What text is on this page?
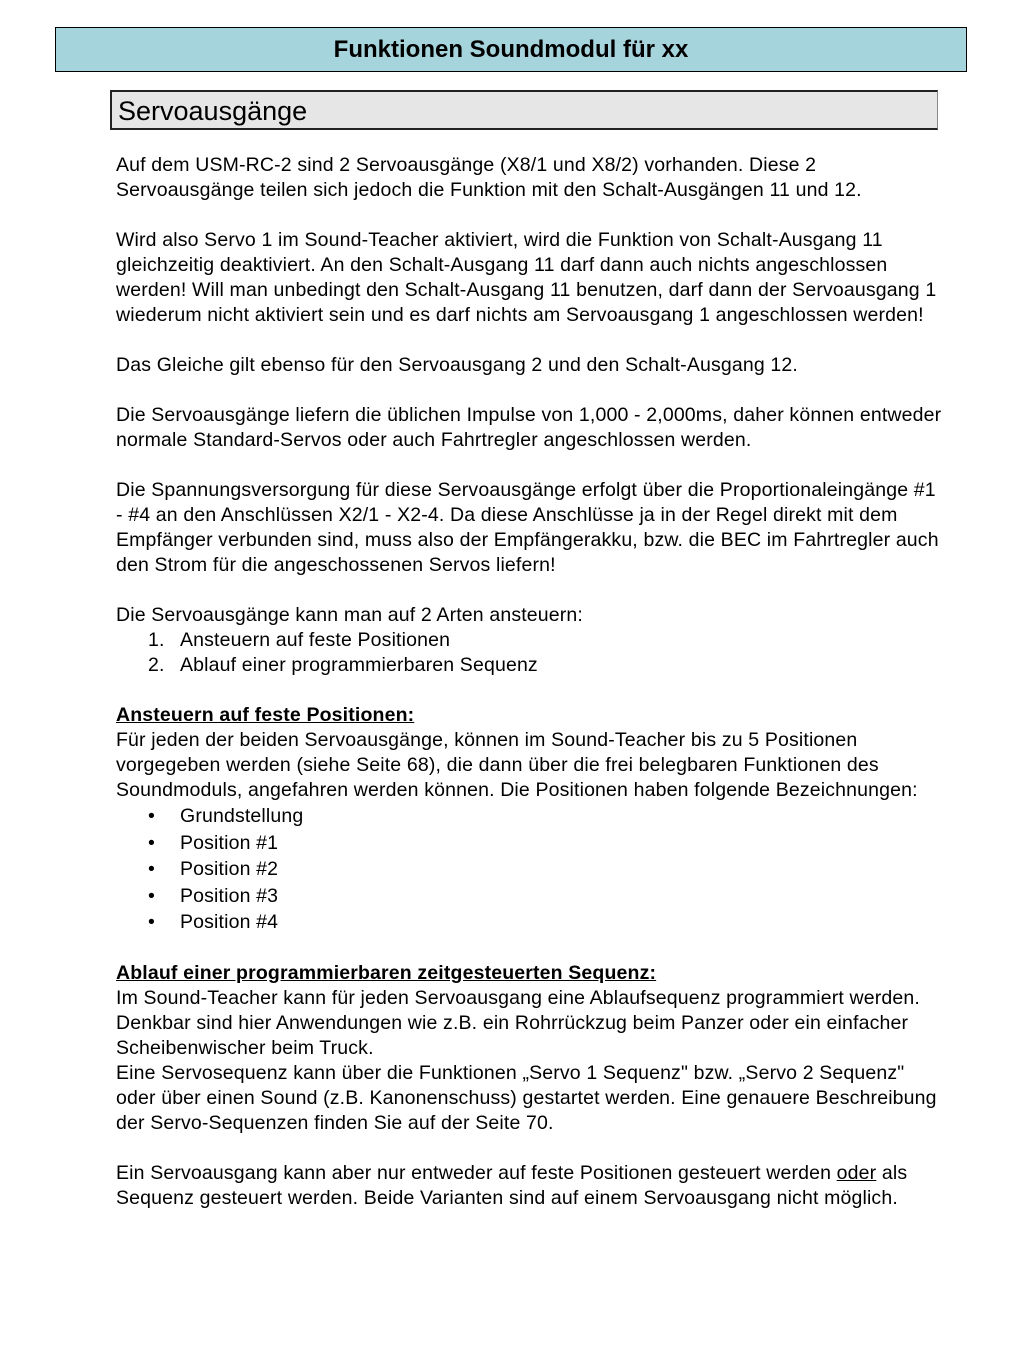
Funktionen Soundmodul für xx
Servoausgänge

Auf dem USM-RC-2 sind 2 Servoausgänge (X8/1 und X8/2) vorhanden. Diese 2 Servoausgänge teilen sich jedoch die Funktion mit den Schalt-Ausgängen 11 und 12.

Wird also Servo 1 im Sound-Teacher aktiviert, wird die Funktion von Schalt-Ausgang 11 gleichzeitig deaktiviert. An den Schalt-Ausgang 11 darf dann auch nichts angeschlossen werden! Will man unbedingt den Schalt-Ausgang 11 benutzen, darf dann der Servoausgang 1 wiederum nicht aktiviert sein und es darf nichts am Servoausgang 1 angeschlossen werden!

Das Gleiche gilt ebenso für den Servoausgang 2 und den Schalt-Ausgang 12.

Die Servoausgänge liefern die üblichen Impulse von 1,000 - 2,000ms, daher können entweder normale Standard-Servos oder auch Fahrtregler angeschlossen werden.

Die Spannungsversorgung für diese Servoausgänge erfolgt über die Proportionaleingänge #1 - #4 an den Anschlüssen X2/1 - X2-4. Da diese Anschlüsse ja in der Regel direkt mit dem Empfänger verbunden sind, muss also der Empfängerakku, bzw. die BEC im Fahrtregler auch den Strom für die angeschossenen Servos liefern!

Die Servoausgänge kann man auf 2 Arten ansteuern:

1. Ansteuern auf feste Positionen
2. Ablauf einer programmierbaren Sequenz
Ansteuern auf feste Positionen:

Für jeden der beiden Servoausgänge, können im Sound-Teacher bis zu 5 Positionen vorgegeben werden (siehe Seite 68), die dann über die frei belegbaren Funktionen des Soundmoduls, angefahren werden können. Die Positionen haben folgende Bezeichnungen:

• Grundstellung
• Position #1
• Position #2
• Position #3
• Position #4
Ablauf einer programmierbaren zeitgesteuerten Sequenz:

Im Sound-Teacher kann für jeden Servoausgang eine Ablaufsequenz programmiert werden. Denkbar sind hier Anwendungen wie z.B. ein Rohrrückzug beim Panzer oder ein einfacher Scheibenwischer beim Truck.

Eine Servosequenz kann über die Funktionen „Servo 1 Sequenz" bzw. „Servo 2 Sequenz" oder über einen Sound (z.B. Kanonenschuss) gestartet werden. Eine genauere Beschreibung der Servo-Sequenzen finden Sie auf der Seite 70.

Ein Servoausgang kann aber nur entweder auf feste Positionen gesteuert werden oder als Sequenz gesteuert werden. Beide Varianten sind auf einem Servoausgang nicht möglich.
